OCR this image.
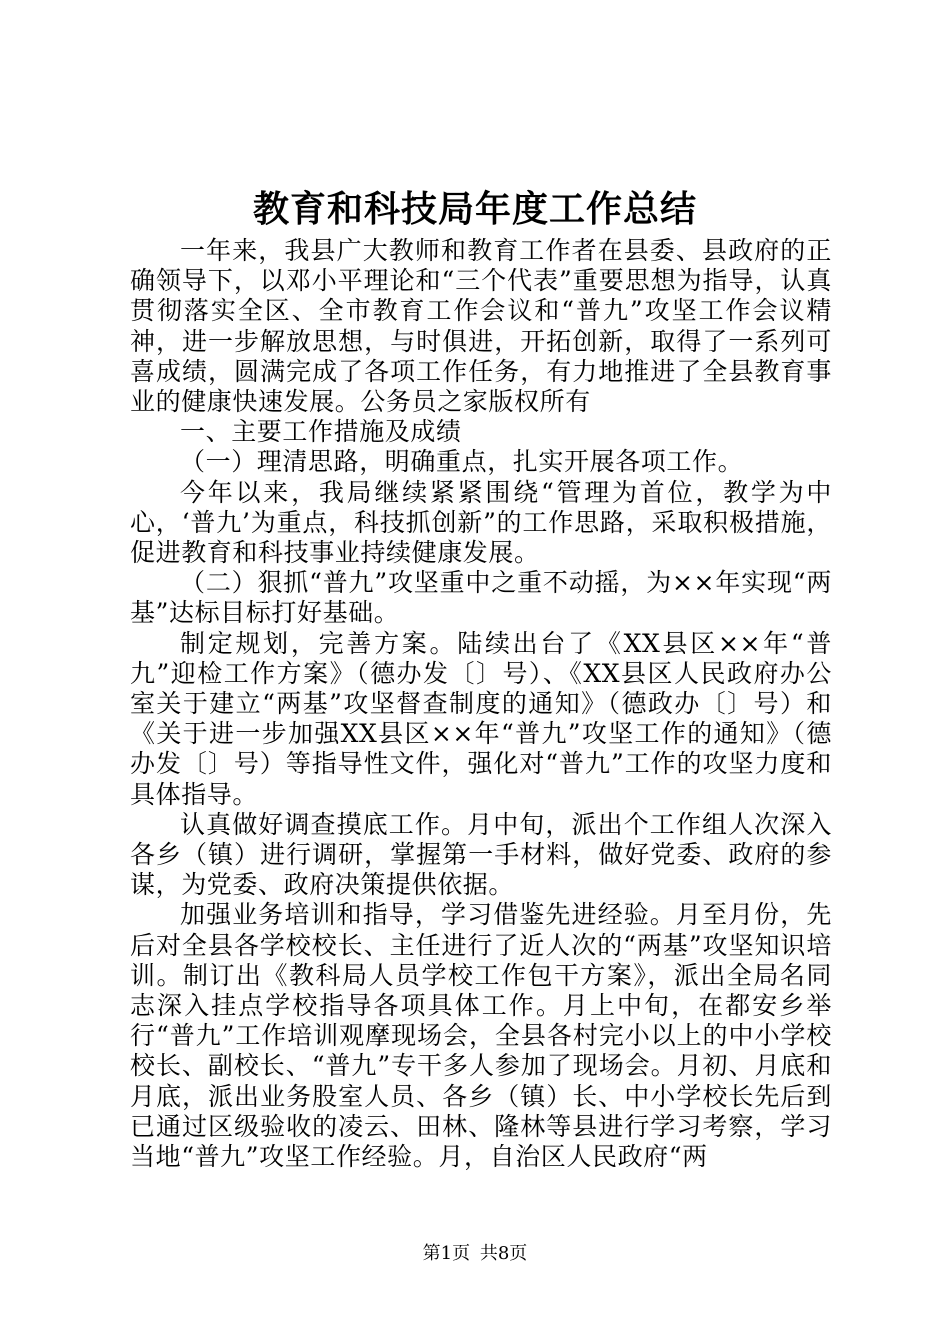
教育和科技局年度工作总结

一年来，我县广大教师和教育工作者在县委、县政府的正确领导下，以邓小平理论和“三个代表”重要思想为指导，认真贯彻落实全区、全市教育工作会议和“普九”攻坚工作会议精神，进一步解放思想，与时俱进，开拓创新，取得了一系列可喜成绩，圆满完成了各项工作任务，有力地推进了全县教育事业的健康快速发展。公务员之家版权所有

一、主要工作措施及成绩

（一）理清思路，明确重点，扎实开展各项工作。

今年以来，我局继续紧紧围绕“管理为首位，教学为中心，‘普九’为重点，科技抓创新”的工作思路，采取积极措施，促进教育和科技事业持续健康发展。

（二）狠抓“普九”攻坚重中之重不动摇，为××年实现“两基”达标目标打好基础。

制定规划，完善方案。陆续出台了《XX县区××年“普九”迎检工作方案》（德办发〔〕号）、《XX县区人民政府办公室关于建立“两基”攻坚督查制度的通知》（德政办〔〕号）和《关于进一步加强XX县区××年“普九”攻坚工作的通知》（德办发〔〕号）等指导性文件，强化对“普九”工作的攻坚力度和具体指导。

认真做好调查摸底工作。月中旬，派出个工作组人次深入各乡（镇）进行调研，掌握第一手材料，做好党委、政府的参谋，为党委、政府决策提供依据。

加强业务培训和指导，学习借鉴先进经验。月至月份，先后对全县各学校校长、主任进行了近人次的“两基”攻坚知识培训。制订出《教科局人员学校工作包干方案》，派出全局名同志深入挂点学校指导各项具体工作。月上中旬，在都安乡举行“普九”工作培训观摩现场会，全县各村完小以上的中小学校校长、副校长、“普九”专干多人参加了现场会。月初、月底和月底，派出业务股室人员、各乡（镇）长、中小学校长先后到已通过区级验收的凌云、田林、隆林等县进行学习考察，学习当地“普九”攻坚工作经验。月，自治区人民政府“两

第1页 共8页
